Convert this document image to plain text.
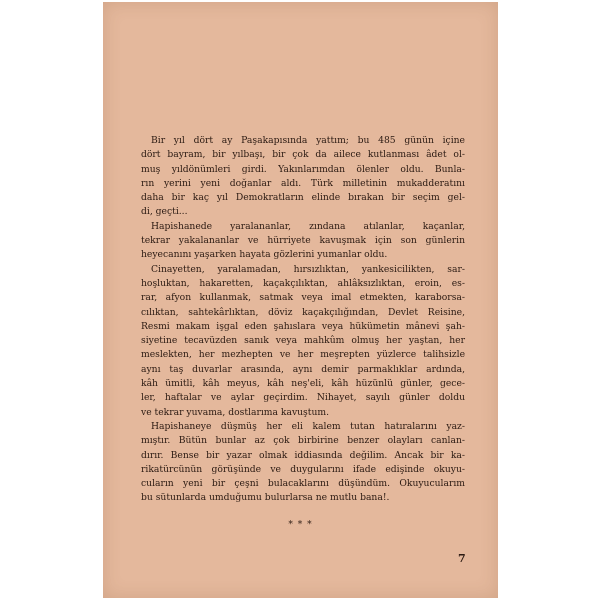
Bir yıl dört ay Paşakapısında yattım; bu 485 günün içine
dört bayram, bir yılbaşı, bir çok da ailece kutlanması âdet ol-
muş yıldönümleri girdi. Yakınlarımdan ölenler oldu. Bunla-
rın yerini yeni doğanlar aldı. Türk milletinin mukadderatını
daha bir kaç yıl Demokratların elinde bırakan bir seçim gel-
di, geçti...

Hapishanede yaralananlar, zındana atılanlar, kaçanlar,
tekrar yakalananlar ve hürriyete kavuşmak için son günlerin
heyecanını yaşarken hayata gözlerini yumanlar oldu.

Cinayetten, yaralamadan, hırsızlıktan, yankesicilikten, sar-
hoşluktan, hakaretten, kaçakçılıktan, ahlâksızlıktan, eroin, es-
rar, afyon kullanmak, satmak veya imal etmekten, karaborsa-
cılıktan, sahtekârlıktan, döviz kaçakçılığından, Devlet Reisine,
Resmi makam işgal eden şahıslara veya hükümetin mânevi şah-
siyetine tecavüzden sanık veya mahkûm olmuş her yaştan, her
meslekten, her mezhepten ve her meşrepten yüzlerce talihsizle
aynı taş duvarlar arasında, aynı demir parmaklıklar ardında,
kâh ümitli, kâh meyus, kâh neş'eli, kâh hüzünlü günler, gece-
ler, haftalar ve aylar geçirdim. Nihayet, sayılı günler doldu
ve tekrar yuvama, dostlarıma kavuştum.

Hapishaneye düşmüş her eli kalem tutan hatıralarını yaz-
mıştır. Bütün bunlar az çok birbirine benzer olayları canlan-
dırır. Bense bir yazar olmak iddiasında değilim. Ancak bir ka-
rikatürcünün görüşünde ve duygularını ifade edişinde okuyu-
cuların yeni bir çeşni bulacaklarını düşündüm. Okuyucularım
bu sütunlarda umduğumu bulurlarsa ne mutlu bana!.

* * *
7
